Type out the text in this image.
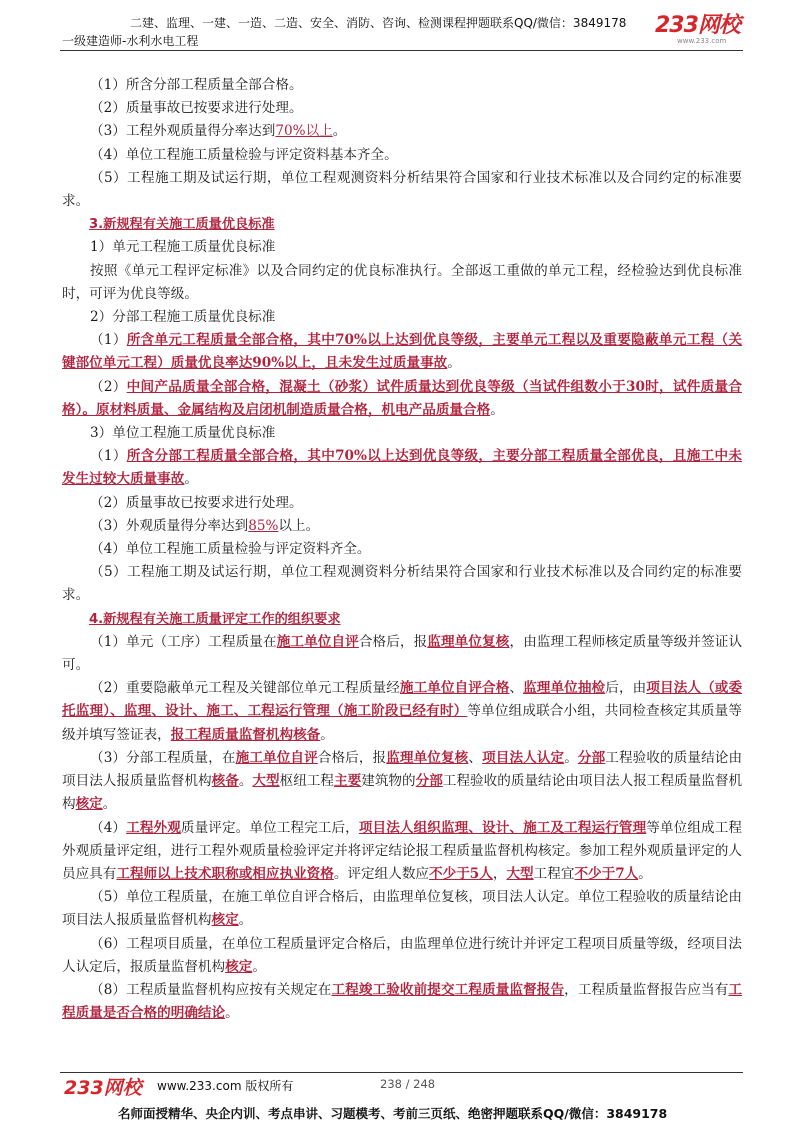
二建、监理、一建、一造、二造、安全、消防、咨询、检测课程押题联系QQ/微信：3849178
一级建造师-水利水电工程
233网校
www.233.com

（1）所含分部工程质量全部合格。

（2）质量事故已按要求进行处理。

（3）工程外观质量得分率达到70%以上。

（4）单位工程施工质量检验与评定资料基本齐全。

（5）工程施工期及试运行期，单位工程观测资料分析结果符合国家和行业技术标准以及合同约定的标准要求。

3.新规程有关施工质量优良标准

1）单元工程施工质量优良标准

按照《单元工程评定标准》以及合同约定的优良标准执行。全部返工重做的单元工程，经检验达到优良标准时，可评为优良等级。

2）分部工程施工质量优良标准

（1）所含单元工程质量全部合格，其中70%以上达到优良等级，主要单元工程以及重要隐蔽单元工程（关键部位单元工程）质量优良率达90%以上，且未发生过质量事故。

（2）中间产品质量全部合格，混凝土（砂浆）试件质量达到优良等级（当试件组数小于30时，试件质量合格）。原材料质量、金属结构及启闭机制造质量合格，机电产品质量合格。

3）单位工程施工质量优良标准

（1）所含分部工程质量全部合格，其中70%以上达到优良等级，主要分部工程质量全部优良，且施工中未发生过较大质量事故。

（2）质量事故已按要求进行处理。

（3）外观质量得分率达到85%以上。

（4）单位工程施工质量检验与评定资料齐全。

（5）工程施工期及试运行期，单位工程观测资料分析结果符合国家和行业技术标准以及合同约定的标准要求。

4.新规程有关施工质量评定工作的组织要求

（1）单元（工序）工程质量在施工单位自评合格后，报监理单位复核，由监理工程师核定质量等级并签证认可。

（2）重要隐蔽单元工程及关键部位单元工程质量经施工单位自评合格、监理单位抽检后，由项目法人（或委托监理）、监理、设计、施工、工程运行管理（施工阶段已经有时）等单位组成联合小组，共同检查核定其质量等级并填写签证表，报工程质量监督机构核备。

（3）分部工程质量，在施工单位自评合格后，报监理单位复核、项目法人认定。分部工程验收的质量结论由项目法人报质量监督机构核备。大型枢纽工程主要建筑物的分部工程验收的质量结论由项目法人报工程质量监督机构核定。

（4）工程外观质量评定。单位工程完工后，项目法人组织监理、设计、施工及工程运行管理等单位组成工程外观质量评定组，进行工程外观质量检验评定并将评定结论报工程质量监督机构核定。参加工程外观质量评定的人员应具有工程师以上技术职称或相应执业资格。评定组人数应不少于5人，大型工程宜不少于7人。

（5）单位工程质量，在施工单位自评合格后，由监理单位复核，项目法人认定。单位工程验收的质量结论由项目法人报质量监督机构核定。

（6）工程项目质量，在单位工程质量评定合格后，由监理单位进行统计并评定工程项目质量等级，经项目法人认定后，报质量监督机构核定。

（8）工程质量监督机构应按有关规定在工程竣工验收前提交工程质量监督报告，工程质量监督报告应当有工程质量是否合格的明确结论。

233网校 www.233.com 版权所有	238 / 248
名师面授精华、央企内训、考点串讲、习题模考、考前三页纸、绝密押题联系QQ/微信：3849178
